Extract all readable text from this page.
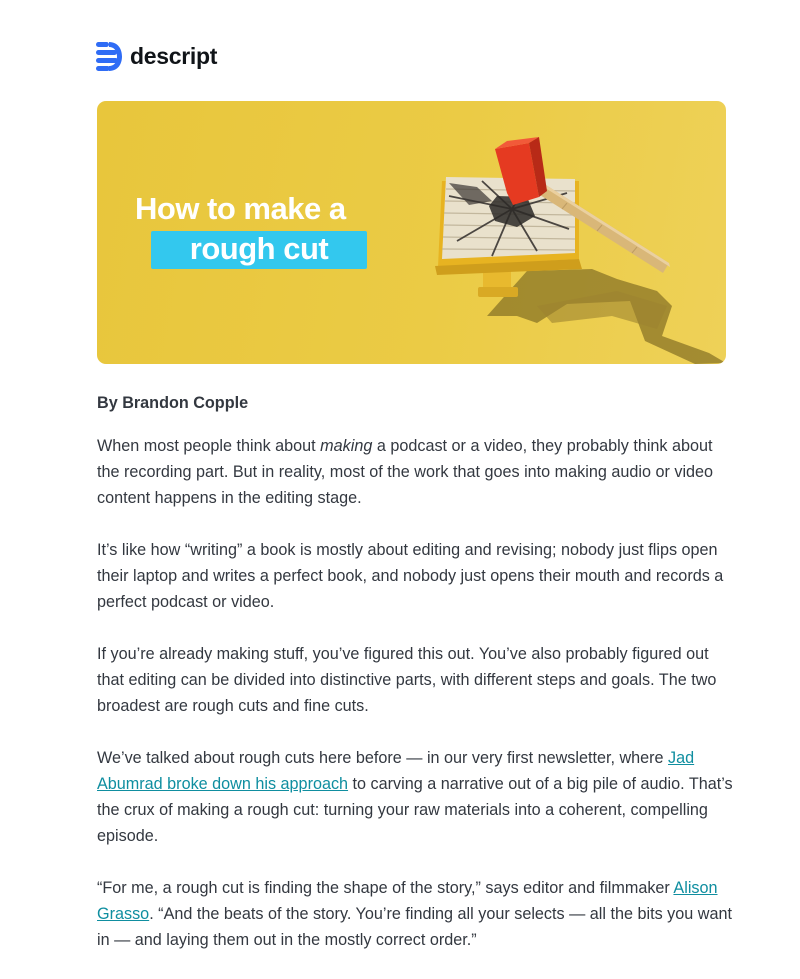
descript
How to make a
rough cut
By Brandon Copple

When most people think about making a podcast or a video, they probably think about the recording part. But in reality, most of the work that goes into making audio or video content happens in the editing stage.

It’s like how “writing” a book is mostly about editing and revising; nobody just flips open their laptop and writes a perfect book, and nobody just opens their mouth and records a perfect podcast or video.

If you’re already making stuff, you’ve figured this out. You’ve also probably figured out that editing can be divided into distinctive parts, with different steps and goals. The two broadest are rough cuts and fine cuts.

We’ve talked about rough cuts here before — in our very first newsletter, where Jad Abumrad broke down his approach to carving a narrative out of a big pile of audio. That’s the crux of making a rough cut: turning your raw materials into a coherent, compelling episode.

“For me, a rough cut is finding the shape of the story,” says editor and filmmaker Alison Grasso. “And the beats of the story. You’re finding all your selects — all the bits you want in — and laying them out in the mostly correct order.”
